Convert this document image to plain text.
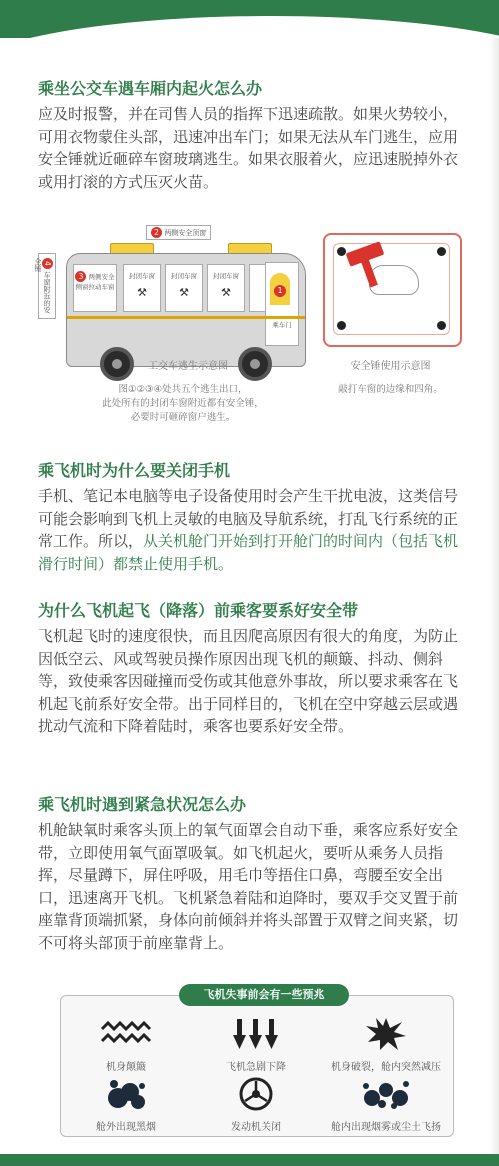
乘坐公交车遇车厢内起火怎么办

应及时报警，并在司售人员的指挥下迅速疏散。如果火势较小，可用衣物蒙住头部，迅速冲出车门；如果无法从车门逃生，应用安全锤就近砸碎车窗玻璃逃生。如果衣服着火，应迅速脱掉外衣或用打滚的方式压灭火苗。

4 车窗附近的安全锤
2 两侧安全顶窗
3 两侧安全侧窗拉动车窗
封闭车窗
⚒
封闭车窗
⚒
封闭车窗
⚒	1
乘车门
工交车逃生示意图	安全锤使用示意图
图①②③④处共五个逃生出口，
此处所有的封闭车窗附近都有安全锤，
必要时可砸碎窗户逃生。
敲打车窗的边缘和四角。
乘飞机时为什么要关闭手机

手机、笔记本电脑等电子设备使用时会产生干扰电波，这类信号可能会影响到飞机上灵敏的电脑及导航系统，打乱飞行系统的正常工作。所以，从关机舱门开始到打开舱门的时间内（包括飞机滑行时间）都禁止使用手机。

为什么飞机起飞（降落）前乘客要系好安全带

飞机起飞时的速度很快，而且因爬高原因有很大的角度，为防止因低空云、风或驾驶员操作原因出现飞机的颠簸、抖动、侧斜等，致使乘客因碰撞而受伤或其他意外事故，所以要求乘客在飞机起飞前系好安全带。出于同样目的，飞机在空中穿越云层或遇扰动气流和下降着陆时，乘客也要系好安全带。

乘飞机时遇到紧急状况怎么办

机舱缺氧时乘客头顶上的氧气面罩会自动下垂，乘客应系好安全带，立即使用氧气面罩吸氧。如飞机起火，要听从乘务人员指挥，尽量蹲下，屏住呼吸，用毛巾等捂住口鼻，弯腰至安全出口，迅速离开飞机。飞机紧急着陆和迫降时，要双手交叉置于前座靠背顶端抓紧，身体向前倾斜并将头部置于双臂之间夹紧，切不可将头部顶于前座靠背上。

飞机失事前会有一些预兆
机身颠簸	飞机急剧下降	机身破裂，舱内突然减压
舱外出现黑烟	发动机关闭	舱内出现烟雾或尘土飞扬
